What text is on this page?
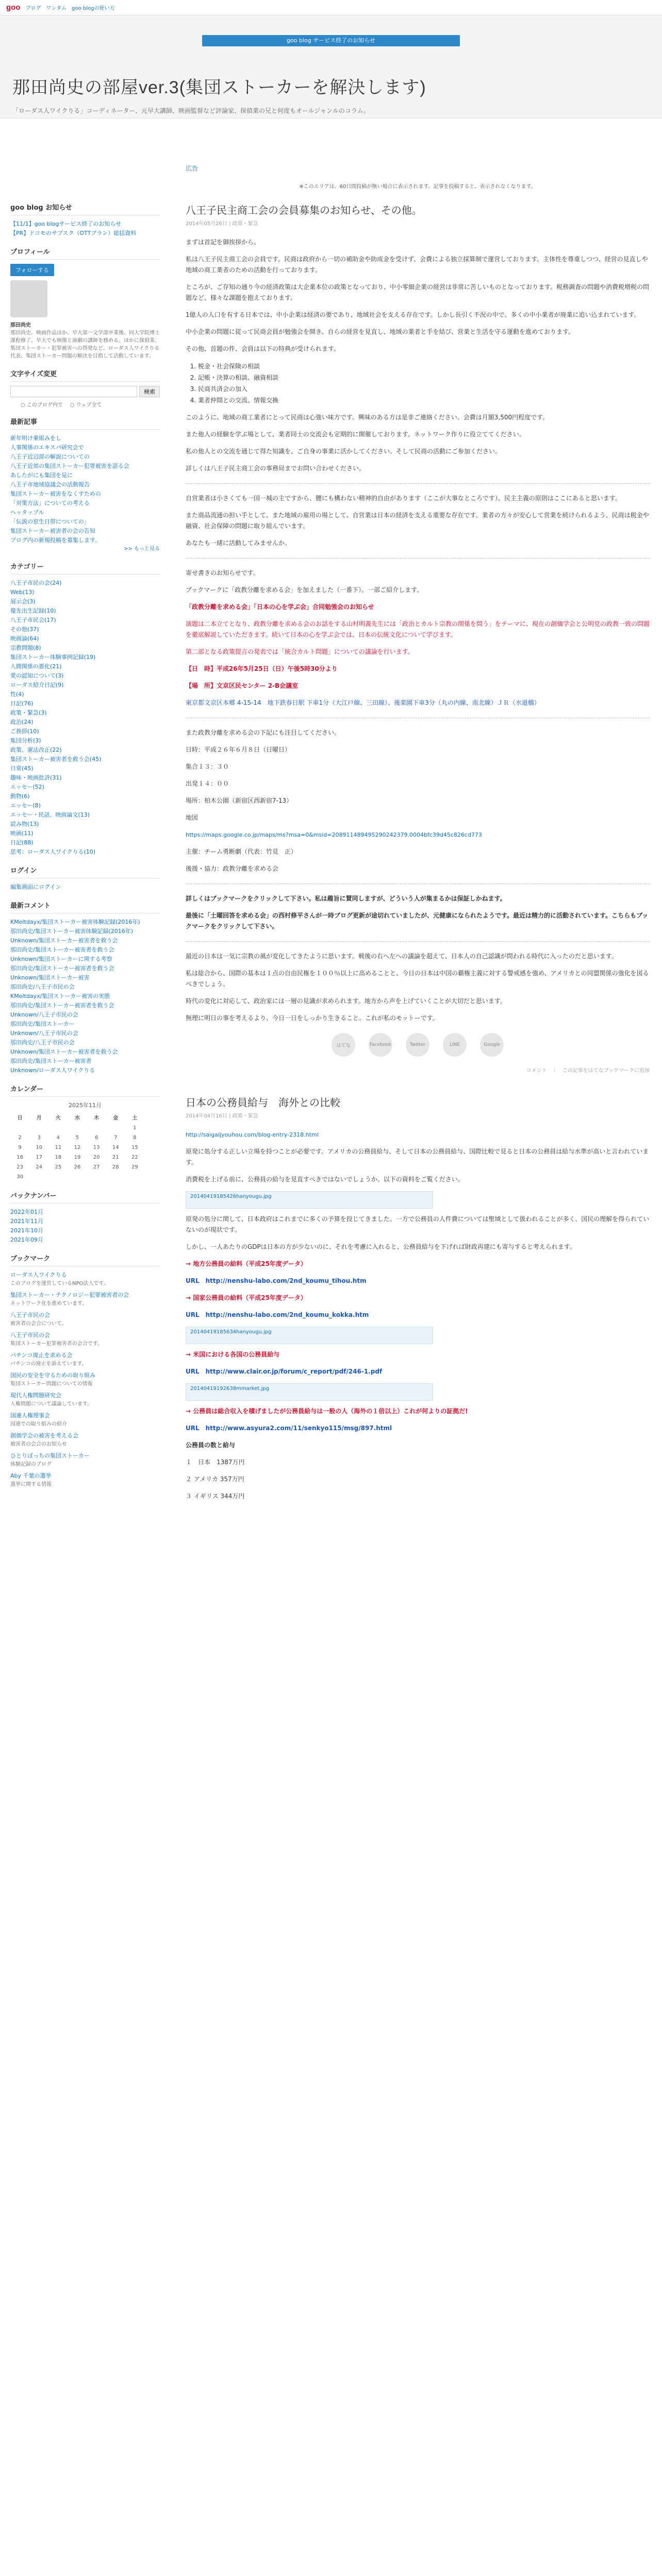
goo ブログ ワンタム goo blogの使い方
goo blog サービス終了のお知らせ
那田尚史の部屋ver.3(集団ストーカーを解決します)
「ローダス人ワイクりる」コーディネーター、元早大講師、映画監督など評論家、探偵業の兄と何度もオールジャンルのコラム。
goo blog お知らせ
【11/1】goo blogサービス終了のお知らせ
【PR】ドコモのサブスク（OTTプラン）総括資料
プロフィール
フォローする
那田尚史
那田尚史。映画作品ほか、早大第一文学部卒業後、同大学院博士課程修了、早大でも映像と演劇の講師を務める。ほかに探偵業、集団ストーカー・犯罪被害への啓発など、ローダス人ワイクりる代表。集団ストーカー問題の解決を目指して活動しています。
文字サイズ変更
検索
○ このブログ内で ○ ウェブ全て
最新記事
新年明け乗組みをし
人事関係のエキスパ研究会で
八王子近辺部の解説についての
八王子近郊の集団ストーカー犯罪被害を語る会
あしたがにも集団を見に
八王子市地域協議会の活動報告
集団ストーカー被害をなくすための
「対策方法」についての考える
ヘッタップル
「伝説の窓生日帯についての」
集団ストーカー被害者の会の告知
ブログ内の新規投稿を募集します。
>> もっと見る
カテゴリー
八王子市民の会(24)
Web(13)
展示会(3)
優先出生記録(10)
八王子市民会(17)
その他(37)
映画論(64)
宗教問題(8)
集団ストーカー体験事例記録(19)
人間関係の悪化(21)
愛の認知について(3)
ローダス紹介日記(9)
性(4)
日記(76)
政策・緊急(3)
政治(24)
ご挨拶(10)
集団分析(3)
政策、憲法改正(22)
集団ストーカー被害者を救う会(45)
日常(45)
趣味・映画批評(31)
エッセー(52)
動物(6)
エッセー(8)
エッセー・民話、映画論文(13)
読み物(13)
映画(11)
日記(88)
思考：ローダス人ワイクりる(10)
ログイン
編集画面にログイン
最新コメント
KMeltdayx/集団ストーカー被害体験記録(2016年)
那田尚史/集団ストーカー被害体験記録(2016年)
Unknown/集団ストーカー被害者を救う会
那田尚史/集団ストーカー被害者を救う会
Unknown/集団ストーカーに関する考察
那田尚史/集団ストーカー被害者を救う会
Unknown/集団ストーカー被害
那田尚史/八王子市民の会
KMeltdayx/集団ストーカー被害の実態
那田尚史/集団ストーカー被害者を救う会
Unknown/八王子市民の会
那田尚史/集団ストーカー
Unknown/八王子市民の会
那田尚史/八王子市民の会
Unknown/集団ストーカー被害者を救う会
那田尚史/集団ストーカー被害者
Unknown/ローダス人ワイクりる
カレンダー
2025年11月
日	月	火	水	木	金	土
						1
2	3	4	5	6	7	8
9	10	11	12	13	14	15
16	17	18	19	20	21	22
23	24	25	26	27	28	29
30						
バックナンバー
2022年01月
2021年11月
2021年10月
2021年09月
ブックマーク
ローダス人ワイクりる
このブログを運営しているNPO法人です。
集団ストーカー・テクノロジー犯罪被害者の会
ネットワーク化を進めています。
八王子市民の会
被害者の会合について。
八王子市民の会
集団ストーカー犯罪被害者の会合です。
パチンコ廃止を求める会
パチンコの廃止を訴えています。
国民の安全を守るための取り組み
集団ストーカー問題についての情報
現代人権問題研究会
人権問題について議論しています。
国連人権理事会
国連での取り組みの紹介
創価学会の被害を考える会
被害者の会合のお知らせ
ひとりぼっちの集団ストーカー
体験記録のブログ
Aby 千葉の選挙
選挙に関する情報
広告
※このエリアは、60日間投稿が無い場合に表示されます。記事を投稿すると、表示されなくなります。
八王子民主商工会の会員募集のお知らせ、その他。
2014年05月26日 | 政策・緊急

まずは首記を御挨拶から。

私は八王子民主商工会の会員です。民商は政府から一切の補助金や助成金を受けず、会費による独立採算制で運営しております。主体性を尊重しつつ、経営の見直しや地域の商工業者のための活動を行っております。

ところが、ご存知の通り今の経済政策は大企業本位の政策となっており、中小零細企業の経営は非常に苦しいものとなっております。税務調査の問題や消費税増税の問題など、様々な課題を抱えております。

1億人の人口を有する日本では、中小企業は経済の要であり、地域社会を支える存在です。しかし長引く不況の中で、多くの中小業者が廃業に追い込まれています。

中小企業の問題に従って民商会員が勉強会を開き、自らの経営を見直し、地域の業者と手を結び、営業と生活を守る運動を進めております。

その他、首題の件、会員は以下の特典が受けられます。

1. 税金・社会保険の相談
2. 記帳・決算の相談、融資相談
3. 民商共済会の加入
4. 業者仲間との交流、情報交換

このように、地域の商工業者にとって民商は心強い味方です。興味のある方は是非ご連絡ください。会費は月額3,500円程度です。

また他人の経験を学ぶ場として、業者同士の交流会も定期的に開催しております。ネットワーク作りに役立ててください。

私の他人との交流を通じて得た知識を、ご自身の事業に活かしてください。そして民商の活動にご参加ください。

詳しくは八王子民主商工会の事務局までお問い合わせください。

自営業者は小さくても一国一城の主ですから、腰にも構わない精神的自由があります（ここが大事なところです）。民主主義の原則はここにあると思います。

また商品流通の担い手として、また地域の雇用の場として、自営業は日本の経済を支える重要な存在です。業者の方々が安心して営業を続けられるよう、民商は税金や融資、社会保障の問題に取り組んでいます。

あなたも一緒に活動してみませんか。

寄せ書きのお知らせです。

ブックマークに「政教分離を求める会」を加えました（一番下）。一部ご紹介します。

「政教分離を求める会」「日本の心を学ぶ会」合同勉強会のお知らせ

演題は二本立てとなり、政教分離を求める会のお話をする山村明義先生には「政治とカルト宗教の関係を問う」をテーマに、現在の創価学会と公明党の政教一致の問題を徹底解説していただきます。続いて日本の心を学ぶ会では、日本の伝統文化について学びます。

第二部となる政策提言の発表では「統合カルト問題」についての議論を行います。

【日　時】平成26年5月25日（日）午後5時30分より

【場　所】文京区民センター 2-B会議室

東京都文京区本郷 4-15-14　地下鉄春日駅 下車1分（大江戸線、三田線）、後楽園下車3分（丸の内線、南北線）ＪＲ（水道橋）

また政教分離を求める会の下記にも注目してください。

日時：平成２６年６月８日（日曜日）

集合１３：３０

出発１４：００

場所：柏木公園（新宿区西新宿7-13）

地図

https://maps.google.co.jp/maps/ms?msa=0&msid=208911489495290242379.0004bfc39d45c826cd773

主催：チーム勇断劇（代表：竹見　正）

後援・協力：政教分離を求める会

詳しくはブックマークをクリックして下さい。私は趣旨に賛同しますが、どういう人が集まるかは保証しかねます。

最後に「土曜回答を求める会」の西村修平さんが一時ブログ更新が途切れていましたが、元健康になられたようです。最近は精力的に活動されています。こちらもブックマークをクリックして下さい。

最近の日本は一気に宗教の風が変化してきたように思います。戦後の右へ左への議論を超えて、日本人の自己認識が問われる時代に入ったのだと思います。

私は総合から、国際の基本は１点の自由民権を１００％以上に高めることと、今日の日本は中国の覇権主義に対する警戒感を強め、アメリカとの同盟関係の強化を図るべきでしょう。

時代の変化に対応して、政治家には一層の見識が求められます。地方から声を上げていくことが大切だと思います。

無理に明日の事を考えるより、今日一日をしっかり生きること。これが私のモットーです。

はてな	Facebook	Twitter	LINE	Google
コメント　｜　この記事をはてなブックマークに追加
日本の公務員給与　海外との比較
2014年04月16日 | 政策・緊急

http://saigaijyouhou.com/blog-entry-2318.html

原発に処分する正しい立場を持つことが必要です。アメリカの公務員給与、そして日本の公務員給与、国際比較で見ると日本の公務員は給与水準が高いと言われています。

消費税を上げる前に、公務員の給与を見直すべきではないでしょうか。以下の資料をご覧ください。

20140419185426hanyougu.jpg

原発の処分に関して、日本政府はこれまでに多くの予算を投じてきました。一方で公務員の人件費については聖域として扱われることが多く、国民の理解を得られていないのが現状です。

しかし、一人あたりのGDPは日本の方が少ないのに、それを考慮に入れると、公務員給与を下げれば財政再建にも寄与すると考えられます。

→ 地方公務員の給料（平成25年度データ）

URL　http://nenshu-labo.com/2nd_koumu_tihou.htm

→ 国家公務員の給料（平成25年度データ）

URL　http://nenshu-labo.com/2nd_koumu_kokka.htm

20140419185634hanyougu.jpg

→ 米国における各国の公務員給与

URL　http://www.clair.or.jp/forum/c_report/pdf/246-1.pdf

20140419192638mmarket.jpg

→ 公務員は総合収入を積げましたが公務員給与は一般の人（海外の１倍以上）これが何よりの証拠だ!

URL　http://www.asyura2.com/11/senkyo115/msg/897.html

公務員の数と給与

１　日本　1387万円

２ アメリカ 357万円

３ イギリス 344万円
